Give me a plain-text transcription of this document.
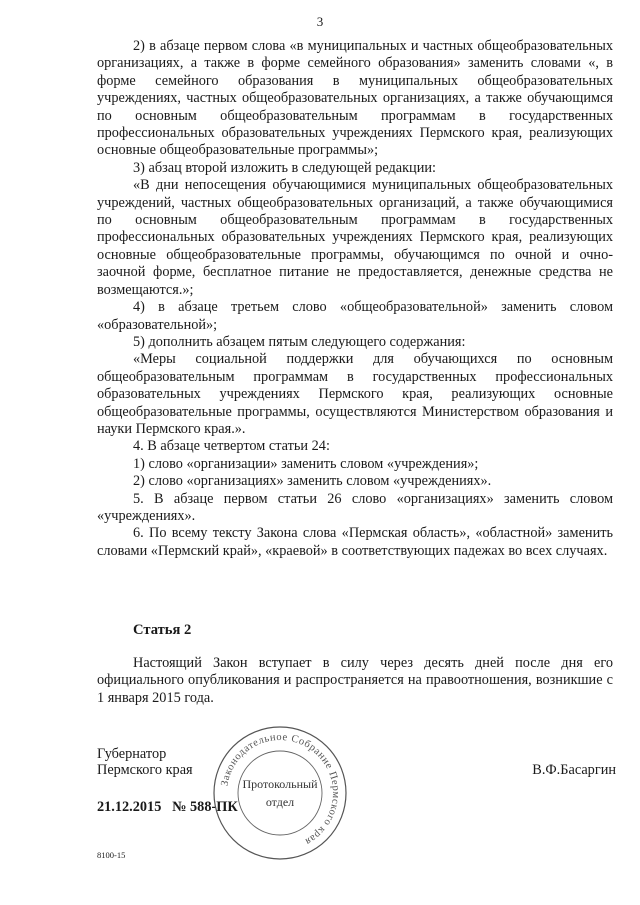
3

2) в абзаце первом слова «в муниципальных и частных общеобразовательных организациях, а также в форме семейного образования» заменить словами «, в форме семейного образования в муниципальных общеобразовательных учреждениях, частных общеобразовательных организациях, а также обучающимся по основным общеобразовательным программам в государственных профессиональных образовательных учреждениях Пермского края, реализующих основные общеобразовательные программы»;

3) абзац второй изложить в следующей редакции:

«В дни непосещения обучающимися муниципальных общеобразовательных учреждений, частных общеобразовательных организаций, а также обучающимися по основным общеобразовательным программам в государственных профессиональных образовательных учреждениях Пермского края, реализующих основные общеобразовательные программы, обучающимся по очной и очно-заочной форме, бесплатное питание не предоставляется, денежные средства не возмещаются.»;

4) в абзаце третьем слово «общеобразовательной» заменить словом «образовательной»;

5) дополнить абзацем пятым следующего содержания:

«Меры социальной поддержки для обучающихся по основным общеобразовательным программам в государственных профессиональных образовательных учреждениях Пермского края, реализующих основные общеобразовательные программы, осуществляются Министерством образования и науки Пермского края.».

4. В абзаце четвертом статьи 24:

1) слово «организации» заменить словом «учреждения»;

2) слово «организациях» заменить словом «учреждениях».

5. В абзаце первом статьи 26 слово «организациях» заменить словом «учреждениях».

6. По всему тексту Закона слова «Пермская область», «областной» заменить словами «Пермский край», «краевой» в соответствующих падежах во всех случаях.

Статья 2

Настоящий Закон вступает в силу через десять дней после дня его официального опубликования и распространяется на правоотношения, возникшие с 1 января 2015 года.

Губернатор
Пермского края	В.Ф.Басаргин
21.12.2015 № 588-ПК
Законодательное Собрание Пермского края
Протокольный
отдел
8100-15
